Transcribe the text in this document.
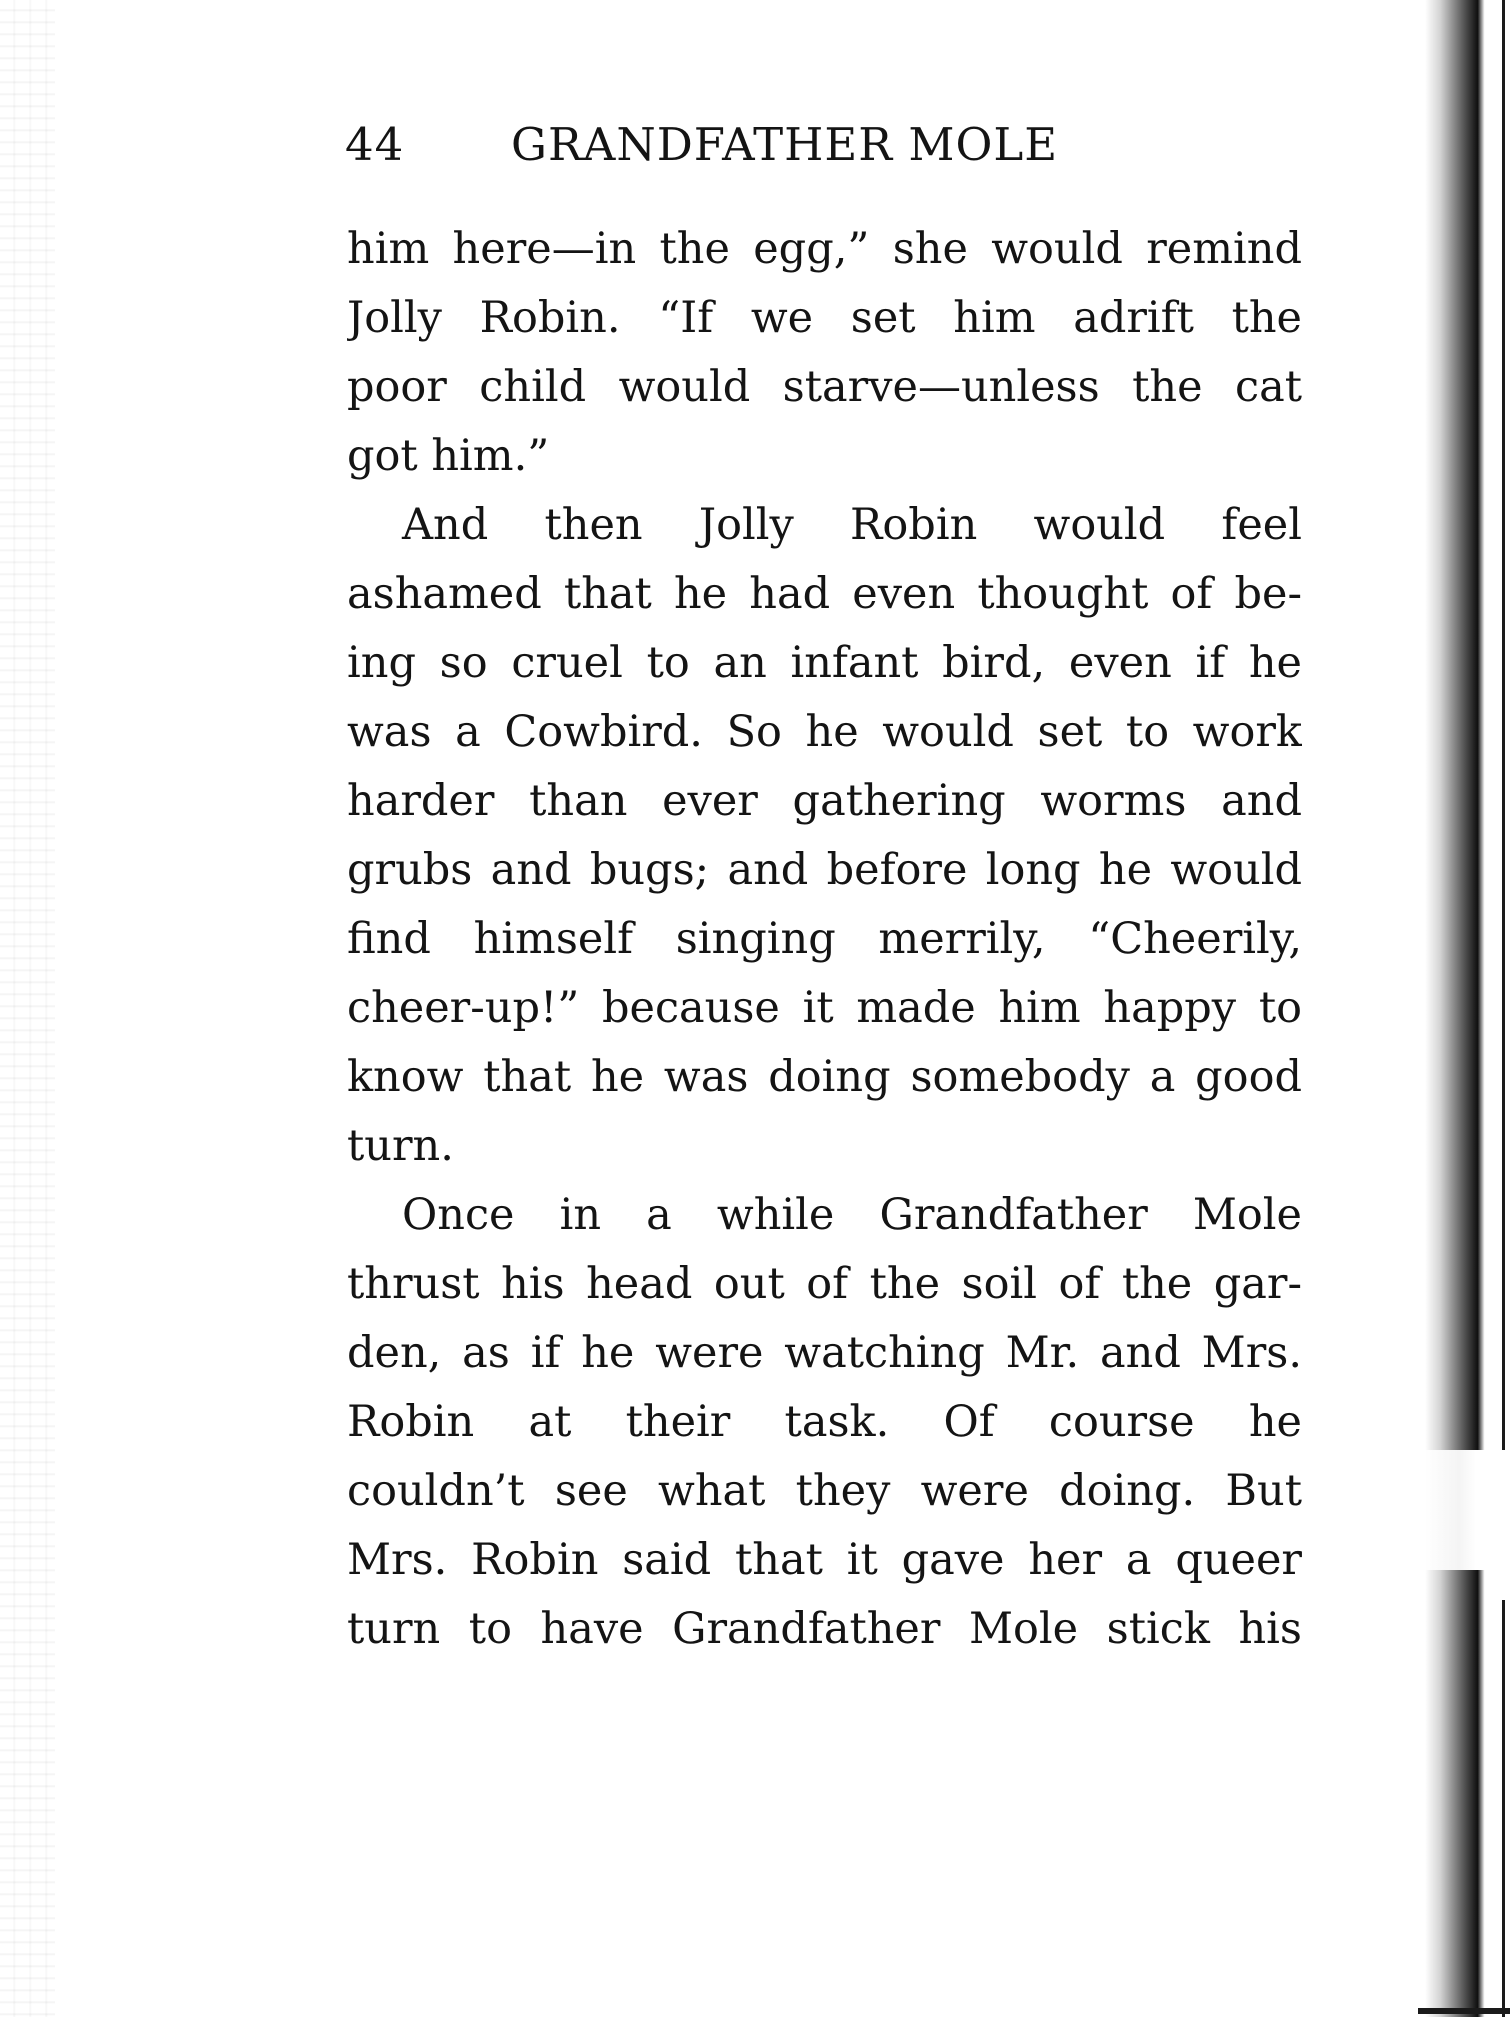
44 GRANDFATHER MOLE
him here—in the egg,” she would remind
Jolly Robin. “If we set him adrift the
poor child would starve—unless the cat
got him.”
And then Jolly Robin would feel
ashamed that he had even thought of be-
ing so cruel to an infant bird, even if he
was a Cowbird. So he would set to work
harder than ever gathering worms and
grubs and bugs; and before long he would
find himself singing merrily, “Cheerily,
cheer-up!” because it made him happy to
know that he was doing somebody a good
turn.
Once in a while Grandfather Mole
thrust his head out of the soil of the gar-
den, as if he were watching Mr. and Mrs.
Robin at their task. Of course he
couldn’t see what they were doing. But
Mrs. Robin said that it gave her a queer
turn to have Grandfather Mole stick his
